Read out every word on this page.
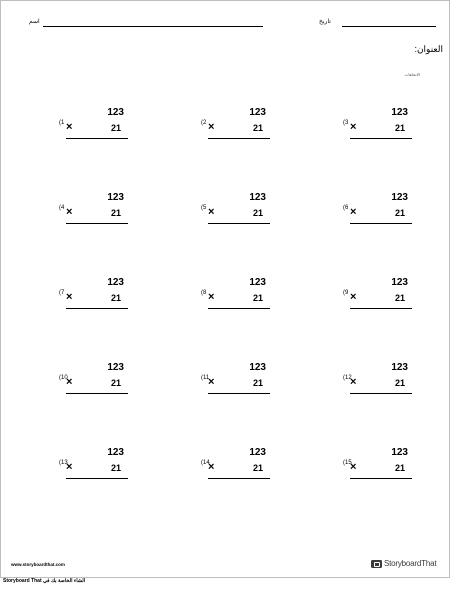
تاريخ
اسم
العنوان:
الاتجاهات
(1
123
×	21	(2
123
×	21	(3
123
×	21
(4
123
×	21	(5
123
×	21	(6
123
×	21
(7
123
×	21	(8
123
×	21	(9
123
×	21
(10
123
×	21	(11
123
×	21	(12
123
×	21
(13
123
×	21	(14
123
×	21	(15
123
×	21
www.storyboardthat.com	StoryboardThat
Storyboard That الشاء الخاصة بك في
